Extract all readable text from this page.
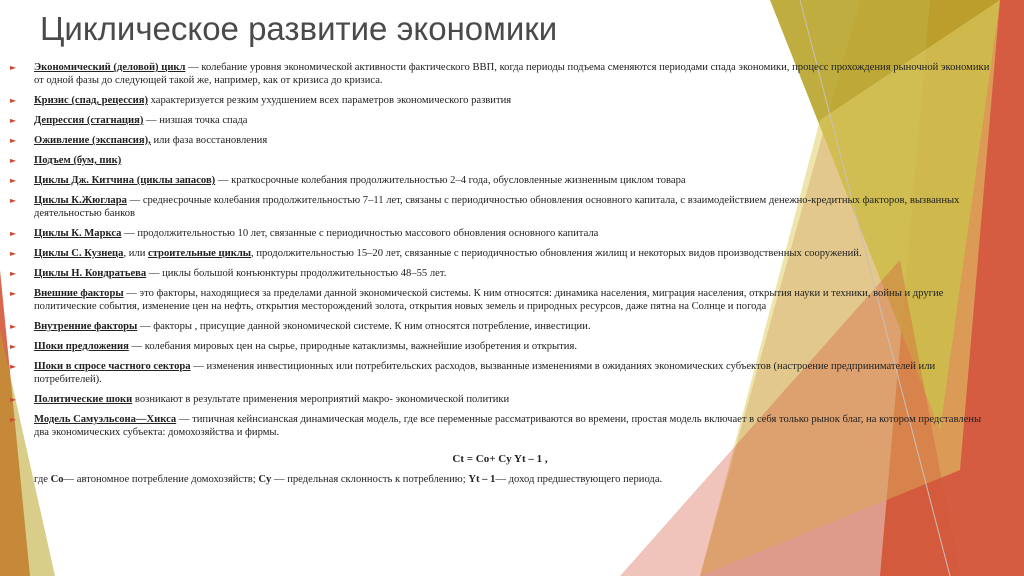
Циклическое развитие экономики
► Экономический (деловой) цикл — колебание уровня экономической активности фактического ВВП, когда периоды подъема сменяются периодами спада экономики, процесс прохождения рыночной экономики от одной фазы до следующей такой же, например, как от кризиса до кризиса.
► Кризис (спад, рецессия) характеризуется резким ухудшением всех параметров экономического развития
► Депрессия (стагнация) — низшая точка спада
► Оживление (экспансия), или фаза восстановления
► Подъем (бум, пик)
► Циклы Дж. Китчина (циклы запасов) — краткосрочные колебания продолжительностью 2–4 года, обусловленные жизненным циклом товара
► Циклы К.Жюглара — среднесрочные колебания продолжительностью 7–11 лет, связаны с периодичностью обновления основного капитала, с взаимодействием денежно-кредитных факторов, вызванных деятельностью банков
► Циклы К. Маркса — продолжительностью 10 лет, связанные с периодичностью массового обновления основного капитала
► Циклы С. Кузнеца, или строительные циклы, продолжительностью 15–20 лет, связанные с периодичностью обновления жилищ и некоторых видов производственных сооружений.
► Циклы Н. Кондратьева — циклы большой конъюнктуры продолжительностью 48–55 лет.
► Внешние факторы — это факторы, находящиеся за пределами данной экономической системы. К ним относятся: динамика населения, миграция населения, открытия науки и техники, войны и другие политические события, изменение цен на нефть, открытия месторождений золота, открытия новых земель и природных ресурсов, даже пятна на Солнце и погода
► Внутренние факторы — факторы , присущие данной экономической системе. К ним относятся потребление, инвестиции.
► Шоки предложения — колебания мировых цен на сырье, природные катаклизмы, важнейшие изобретения и открытия.
► Шоки в спросе частного сектора — изменения инвестиционных или потребительских расходов, вызванные изменениями в ожиданиях экономических субъектов (настроение предпринимателей или потребителей).
► Политические шоки возникают в результате применения мероприятий макро- экономической политики
► Модель Самуэльсона—Хикса — типичная кейнсианская динамическая модель, где все переменные рассматриваются во времени, простая модель включает в себя только рынок благ, на котором представлены два экономических субъекта: домохозяйства и фирмы.
Ct = Co+ Cy Yt – 1 ,
где Co— автономное потребление домохозяйств; Cy — предельная склонность к потреблению; Yt – 1— доход предшествующего периода.
